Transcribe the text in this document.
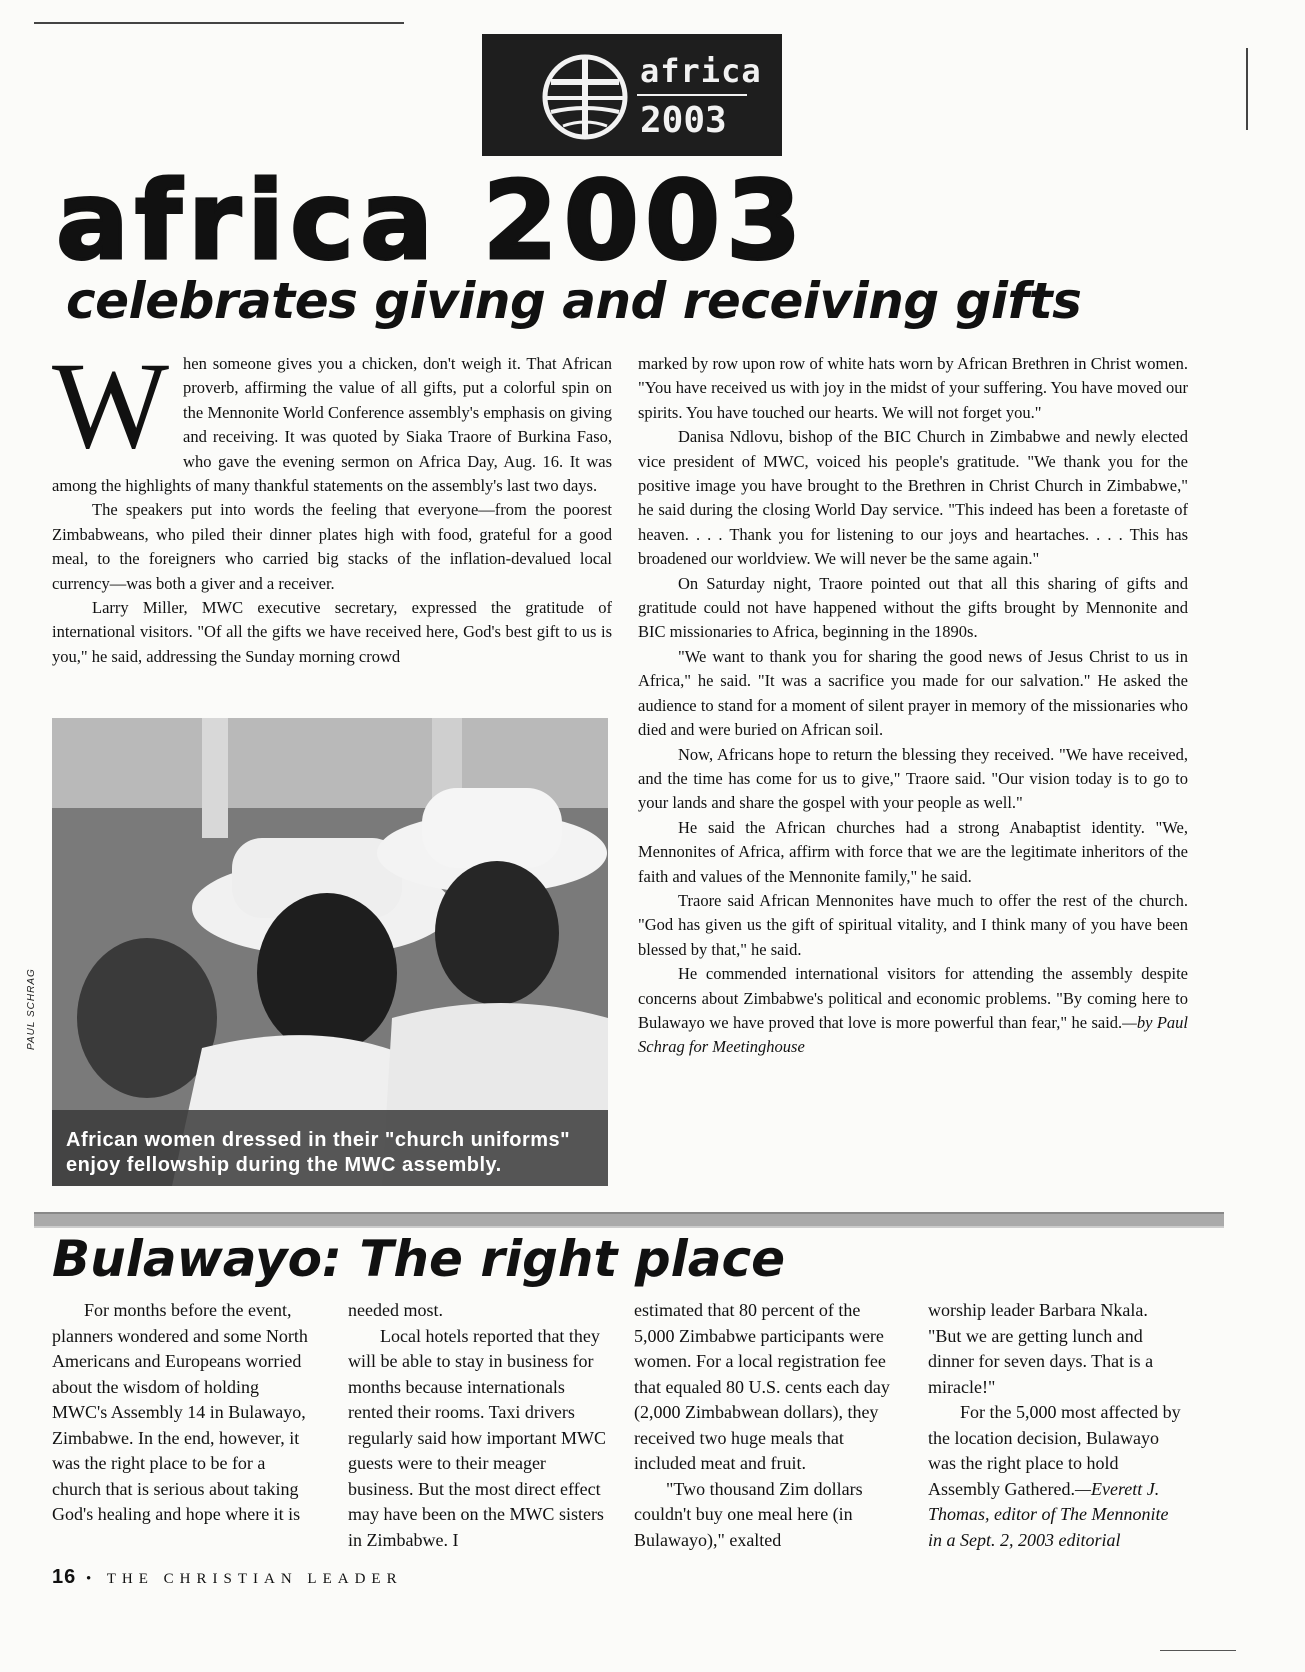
africa
2003
africa 2003
celebrates giving and receiving gifts

When someone gives you a chicken, don't weigh it. That African proverb, affirming the value of all gifts, put a colorful spin on the Mennonite World Conference assembly's emphasis on giving and receiving. It was quoted by Siaka Traore of Burkina Faso, who gave the evening sermon on Africa Day, Aug. 16. It was among the highlights of many thankful statements on the assembly's last two days.

The speakers put into words the feeling that everyone—from the poorest Zimbabweans, who piled their dinner plates high with food, grateful for a good meal, to the foreigners who carried big stacks of the inflation-devalued local currency—was both a giver and a receiver.

Larry Miller, MWC executive secretary, expressed the gratitude of international visitors. "Of all the gifts we have received here, God's best gift to us is you," he said, addressing the Sunday morning crowd

African women dressed in their "church uniforms"
enjoy fellowship during the MWC assembly.
PAUL SCHRAG

marked by row upon row of white hats worn by African Brethren in Christ women. "You have received us with joy in the midst of your suffering. You have moved our spirits. You have touched our hearts. We will not forget you."

Danisa Ndlovu, bishop of the BIC Church in Zimbabwe and newly elected vice president of MWC, voiced his people's gratitude. "We thank you for the positive image you have brought to the Brethren in Christ Church in Zimbabwe," he said during the closing World Day service. "This indeed has been a foretaste of heaven. . . . Thank you for listening to our joys and heartaches. . . . This has broadened our worldview. We will never be the same again."

On Saturday night, Traore pointed out that all this sharing of gifts and gratitude could not have happened without the gifts brought by Mennonite and BIC missionaries to Africa, beginning in the 1890s.

"We want to thank you for sharing the good news of Jesus Christ to us in Africa," he said. "It was a sacrifice you made for our salvation." He asked the audience to stand for a moment of silent prayer in memory of the missionaries who died and were buried on African soil.

Now, Africans hope to return the blessing they received. "We have received, and the time has come for us to give," Traore said. "Our vision today is to go to your lands and share the gospel with your people as well."

He said the African churches had a strong Anabaptist identity. "We, Mennonites of Africa, affirm with force that we are the legitimate inheritors of the faith and values of the Mennonite family," he said.

Traore said African Mennonites have much to offer the rest of the church. "God has given us the gift of spiritual vitality, and I think many of you have been blessed by that," he said.

He commended international visitors for attending the assembly despite concerns about Zimbabwe's political and economic problems. "By coming here to Bulawayo we have proved that love is more powerful than fear," he said.—by Paul Schrag for Meetinghouse

Bulawayo: The right place

For months before the event, planners wondered and some North Americans and Europeans worried about the wisdom of holding MWC's Assembly 14 in Bulawayo, Zimbabwe. In the end, however, it was the right place to be for a church that is serious about taking God's healing and hope where it is

needed most.

Local hotels reported that they will be able to stay in business for months because internationals rented their rooms. Taxi drivers regularly said how important MWC guests were to their meager business. But the most direct effect may have been on the MWC sisters in Zimbabwe. I

estimated that 80 percent of the 5,000 Zimbabwe participants were women. For a local registration fee that equaled 80 U.S. cents each day (2,000 Zimbabwean dollars), they received two huge meals that included meat and fruit.

"Two thousand Zim dollars couldn't buy one meal here (in Bulawayo)," exalted

worship leader Barbara Nkala. "But we are getting lunch and dinner for seven days. That is a miracle!"

For the 5,000 most affected by the location decision, Bulawayo was the right place to hold Assembly Gathered.—Everett J. Thomas, editor of The Mennonite in a Sept. 2, 2003 editorial

16 • THE CHRISTIAN LEADER
